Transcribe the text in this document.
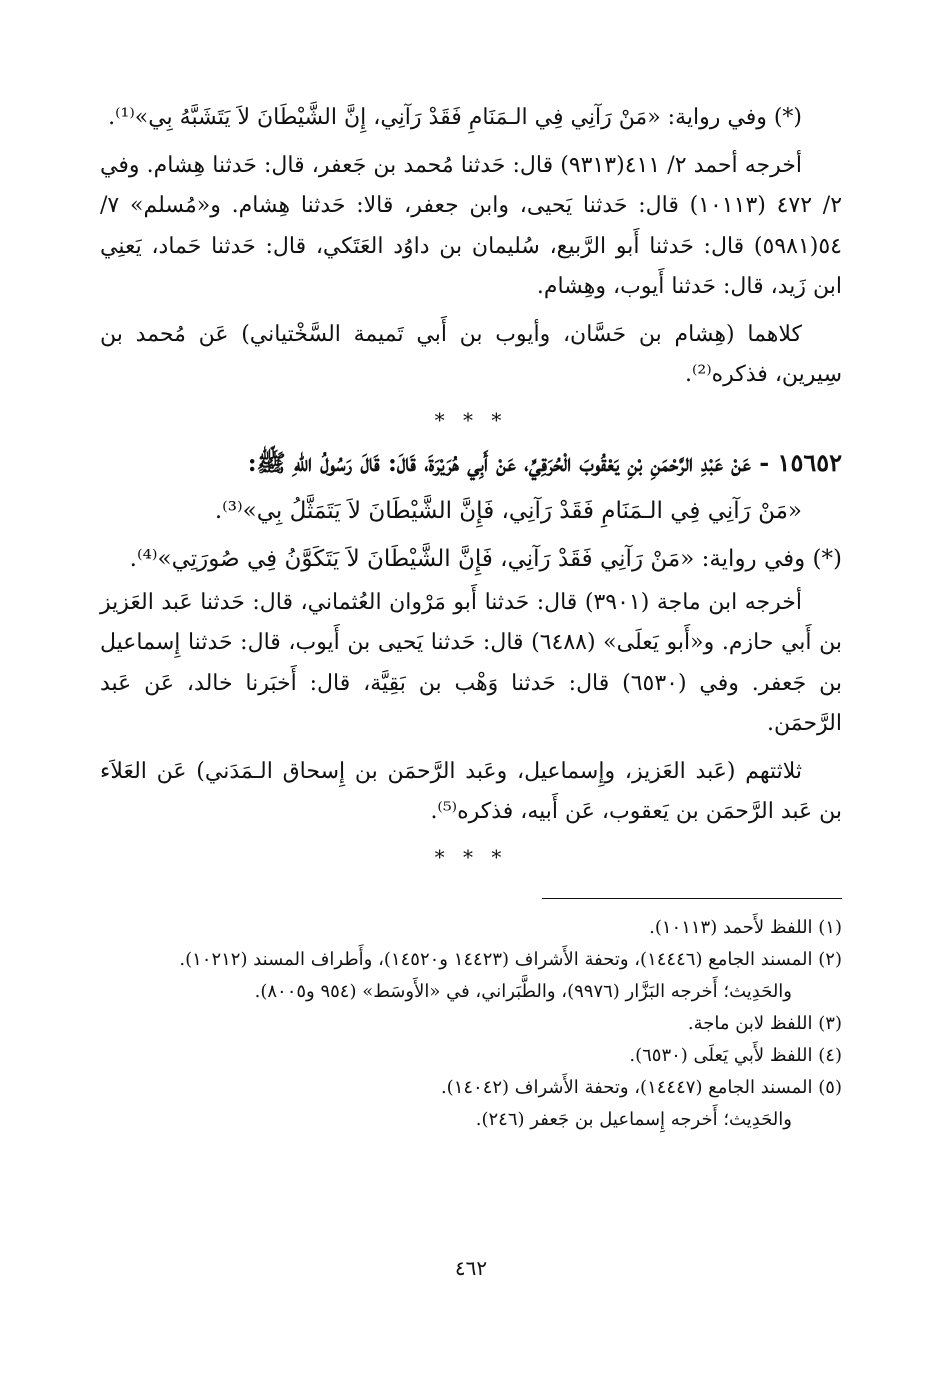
(*) وفي رواية: «مَنْ رَآنِي فِي الـمَنَامِ فَقَدْ رَآنِي، إِنَّ الشَّيْطَانَ لاَ يَتَشَبَّهُ بِي»⁽¹⁾.

أخرجه أحمد ٢/ ٤١١(٩٣١٣) قال: حَدثنا مُحمد بن جَعفر، قال: حَدثنا هِشام. وفي ٢/ ٤٧٢ (١٠١١٣) قال: حَدثنا يَحيى، وابن جعفر، قالا: حَدثنا هِشام. و«مُسلم» ٧/ ٥٤(٥٩٨١) قال: حَدثنا أَبو الرَّبيع، سُليمان بن داوُد العَتَكي، قال: حَدثنا حَماد، يَعنِي ابن زَيد، قال: حَدثنا أَيوب، وهِشام.

كلاهما (هِشام بن حَسَّان، وأيوب بن أَبي تَميمة السَّخْتياني) عَن مُحمد بن سِيرين، فذكره⁽²⁾.

* * *

١٥٦٥٢ - عَنْ عَبْدِ الرَّحْمَنِ بْنِ يَعْقُوبَ الْحُرَقِيِّ، عَنْ أَبِي هُرَيْرَةَ، قَالَ: قَالَ رَسُولُ اللهِ ﷺ:

«مَنْ رَآنِي فِي الـمَنَامِ فَقَدْ رَآنِي، فَإِنَّ الشَّيْطَانَ لاَ يَتَمَثَّلُ بِي»⁽³⁾.

(*) وفي رواية: «مَنْ رَآنِي فَقَدْ رَآنِي، فَإِنَّ الشَّيْطَانَ لاَ يَتَكَوَّنُ فِي صُورَتِي»⁽⁴⁾.

أخرجه ابن ماجة (٣٩٠١) قال: حَدثنا أَبو مَرْوان العُثماني، قال: حَدثنا عَبد العَزيز بن أَبي حازم. و«أَبو يَعلَى» (٦٤٨٨) قال: حَدثنا يَحيى بن أَيوب، قال: حَدثنا إِسماعيل بن جَعفر. وفي (٦٥٣٠) قال: حَدثنا وَهْب بن بَقِيَّة، قال: أَخبَرنا خالد، عَن عَبد الرَّحمَن.

ثلاثتهم (عَبد العَزيز، وإِسماعيل، وعَبد الرَّحمَن بن إِسحاق الـمَدَني) عَن العَلاَء بن عَبد الرَّحمَن بن يَعقوب، عَن أَبيه، فذكره⁽⁵⁾.

* * *

(١) اللفظ لأَحمد (١٠١١٣).

(٢) المسند الجامع (١٤٤٤٦)، وتحفة الأَشراف (١٤٤٢٣ و١٤٥٢٠)، وأَطراف المسند (١٠٢١٢).

والحَدِيث؛ أَخرجه البَزَّار (٩٩٧٦)، والطَّبَراني، في «الأَوسَط» (٩٥٤ و٨٠٠٥).

(٣) اللفظ لابن ماجة.

(٤) اللفظ لأَبي يَعلَى (٦٥٣٠).

(٥) المسند الجامع (١٤٤٤٧)، وتحفة الأَشراف (١٤٠٤٢).

والحَدِيث؛ أَخرجه إِسماعيل بن جَعفر (٢٤٦).

٤٦٢
